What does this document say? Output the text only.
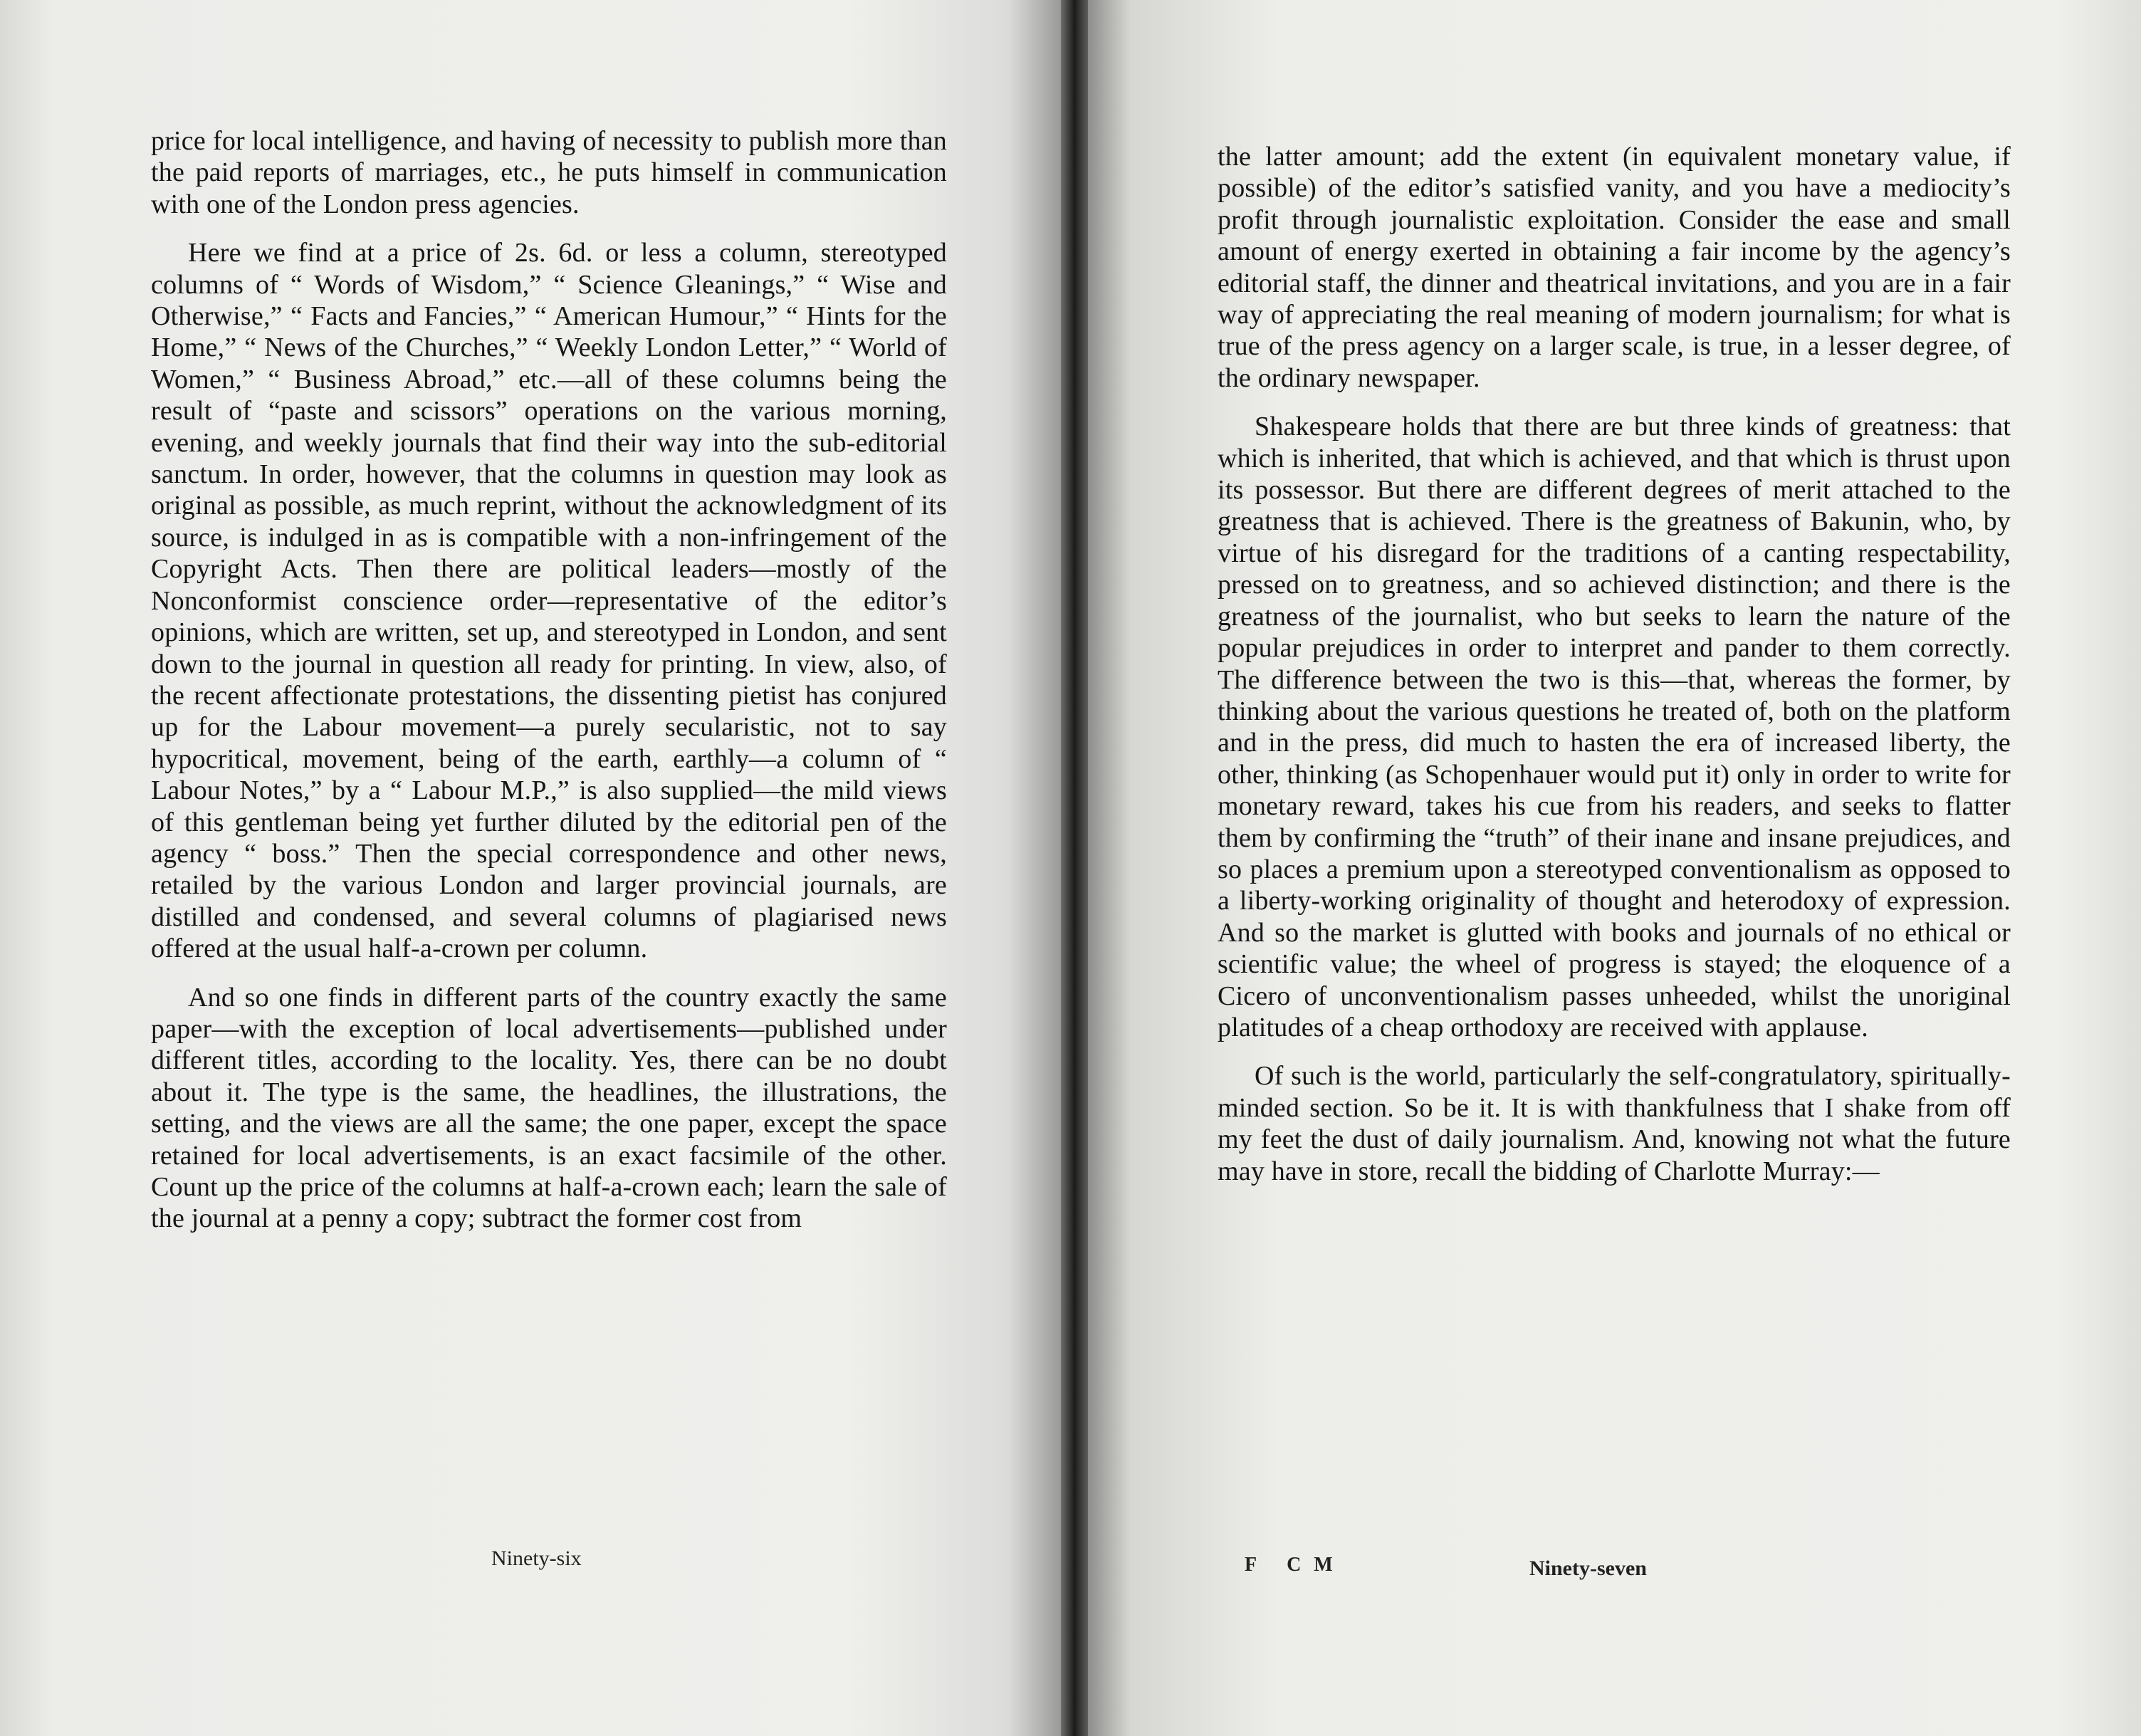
price for local intelligence, and having of necessity to publish more than the paid reports of marriages, etc., he puts himself in communication with one of the London press agencies.

Here we find at a price of 2s. 6d. or less a column, stereotyped columns of “ Words of Wisdom,” “ Science Gleanings,” “ Wise and Otherwise,” “ Facts and Fancies,” “ American Humour,” “ Hints for the Home,” “ News of the Churches,” “ Weekly London Letter,” “ World of Women,” “ Business Abroad,” etc.—all of these columns being the result of “paste and scissors” operations on the various morning, evening, and weekly journals that find their way into the sub-editorial sanctum. In order, however, that the columns in question may look as original as possible, as much reprint, without the acknowledgment of its source, is indulged in as is compatible with a non-infringement of the Copyright Acts. Then there are political leaders—mostly of the Nonconformist conscience order—representative of the editor’s opinions, which are written, set up, and stereotyped in London, and sent down to the journal in question all ready for printing. In view, also, of the recent affectionate protestations, the dissenting pietist has conjured up for the Labour movement—a purely secularistic, not to say hypocritical, movement, being of the earth, earthly—a column of “ Labour Notes,” by a “ Labour M.P.,” is also supplied—the mild views of this gentleman being yet further diluted by the editorial pen of the agency “ boss.” Then the special correspondence and other news, retailed by the various London and larger provincial journals, are distilled and condensed, and several columns of plagiarised news offered at the usual half-a-crown per column.

And so one finds in different parts of the country exactly the same paper—with the exception of local advertisements—published under different titles, according to the locality. Yes, there can be no doubt about it. The type is the same, the headlines, the illustrations, the setting, and the views are all the same; the one paper, except the space retained for local advertisements, is an exact facsimile of the other. Count up the price of the columns at half-a-crown each; learn the sale of the journal at a penny a copy; subtract the former cost from

Ninety-six

the latter amount; add the extent (in equivalent monetary value, if possible) of the editor’s satisfied vanity, and you have a mediocity’s profit through journalistic exploitation. Consider the ease and small amount of energy exerted in obtaining a fair income by the agency’s editorial staff, the dinner and theatrical invitations, and you are in a fair way of appreciating the real meaning of modern journalism; for what is true of the press agency on a larger scale, is true, in a lesser degree, of the ordinary newspaper.

Shakespeare holds that there are but three kinds of greatness: that which is inherited, that which is achieved, and that which is thrust upon its possessor. But there are different degrees of merit attached to the greatness that is achieved. There is the greatness of Bakunin, who, by virtue of his disregard for the traditions of a canting respectability, pressed on to greatness, and so achieved distinction; and there is the greatness of the journalist, who but seeks to learn the nature of the popular prejudices in order to interpret and pander to them correctly. The difference between the two is this—that, whereas the former, by thinking about the various questions he treated of, both on the platform and in the press, did much to hasten the era of increased liberty, the other, thinking (as Schopenhauer would put it) only in order to write for monetary reward, takes his cue from his readers, and seeks to flatter them by confirming the “truth” of their inane and insane prejudices, and so places a premium upon a stereotyped conventionalism as opposed to a liberty-working originality of thought and heterodoxy of expression. And so the market is glutted with books and journals of no ethical or scientific value; the wheel of progress is stayed; the eloquence of a Cicero of unconventionalism passes unheeded, whilst the unoriginal platitudes of a cheap orthodoxy are received with applause.

Of such is the world, particularly the self-congratulatory, spiritually-minded section. So be it. It is with thankfulness that I shake from off my feet the dust of daily journalism. And, knowing not what the future may have in store, recall the bidding of Charlotte Murray:—

F CM	Ninety-seven
